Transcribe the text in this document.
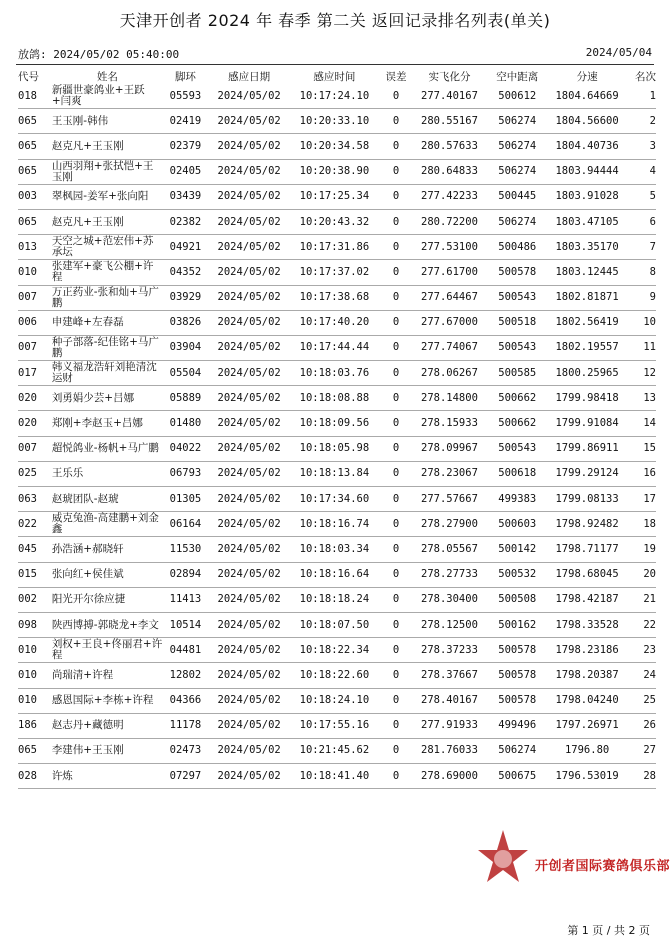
天津开创者 2024 年 春季 第二关 返回记录排名列表(单关)
放鸽: 2024/05/02 05:40:00	2024/05/04
代号	姓名	脚环	感应日期	感应时间	误差	实飞化分	空中距离	分速	名次
018	新疆世豪鸽业+王跃+闫爽	05593	2024/05/02	10:17:24.10	0	277.40167	500612	1804.64669	1
065	王玉刚-韩伟	02419	2024/05/02	10:20:33.10	0	280.55167	506274	1804.56600	2
065	赵克凡+王玉刚	02379	2024/05/02	10:20:34.58	0	280.57633	506274	1804.40736	3
065	山西羽翔+张拭恺+王玉刚	02405	2024/05/02	10:20:38.90	0	280.64833	506274	1803.94444	4
003	翠枫园-姜军+张向阳	03439	2024/05/02	10:17:25.34	0	277.42233	500445	1803.91028	5
065	赵克凡+王玉刚	02382	2024/05/02	10:20:43.32	0	280.72200	506274	1803.47105	6
013	天空之城+范宏伟+苏承坛	04921	2024/05/02	10:17:31.86	0	277.53100	500486	1803.35170	7
010	张建军+豪飞公棚+许程	04352	2024/05/02	10:17:37.02	0	277.61700	500578	1803.12445	8
007	万正药业-张和灿+马广鹏	03929	2024/05/02	10:17:38.68	0	277.64467	500543	1802.81871	9
006	申建峰+左春磊	03826	2024/05/02	10:17:40.20	0	277.67000	500518	1802.56419	10
007	种子部落-纪佳铭+马广鹏	03904	2024/05/02	10:17:44.44	0	277.74067	500543	1802.19557	11
017	韩义福龙浩轩刘艳清沈运财	05504	2024/05/02	10:18:03.76	0	278.06267	500585	1800.25965	12
020	刘勇娟少芸+吕娜	05889	2024/05/02	10:18:08.88	0	278.14800	500662	1799.98418	13
020	郑刚+李赵玉+吕娜	01480	2024/05/02	10:18:09.56	0	278.15933	500662	1799.91084	14
007	超悦鸽业-杨帆+马广鹏	04022	2024/05/02	10:18:05.98	0	278.09967	500543	1799.86911	15
025	王乐乐	06793	2024/05/02	10:18:13.84	0	278.23067	500618	1799.29124	16
063	赵琥团队-赵琥	01305	2024/05/02	10:17:34.60	0	277.57667	499383	1799.08133	17
022	威克兔渔-高建鹏+刘金鑫	06164	2024/05/02	10:18:16.74	0	278.27900	500603	1798.92482	18
045	孙浩涵+郝晓轩	11530	2024/05/02	10:18:03.34	0	278.05567	500142	1798.71177	19
015	张向红+侯佳斌	02894	2024/05/02	10:18:16.64	0	278.27733	500532	1798.68045	20
002	阳光开尔徐应捷	11413	2024/05/02	10:18:18.24	0	278.30400	500508	1798.42187	21
098	陕西博搏-郭晓龙+李文	10514	2024/05/02	10:18:07.50	0	278.12500	500162	1798.33528	22
010	刘权+王良+佟丽君+许程	04481	2024/05/02	10:18:22.34	0	278.37233	500578	1798.23186	23
010	尚瑞清+许程	12802	2024/05/02	10:18:22.60	0	278.37667	500578	1798.20387	24
010	感恩国际+李栋+许程	04366	2024/05/02	10:18:24.10	0	278.40167	500578	1798.04240	25
186	赵志丹+藏德明	11178	2024/05/02	10:17:55.16	0	277.91933	499496	1797.26971	26
065	李建伟+王玉刚	02473	2024/05/02	10:21:45.62	0	281.76033	506274	1796.80	27
028	许炼	07297	2024/05/02	10:18:41.40	0	278.69000	500675	1796.53019	28
开创者国际赛鸽俱乐部
第 1 页 / 共 2 页
